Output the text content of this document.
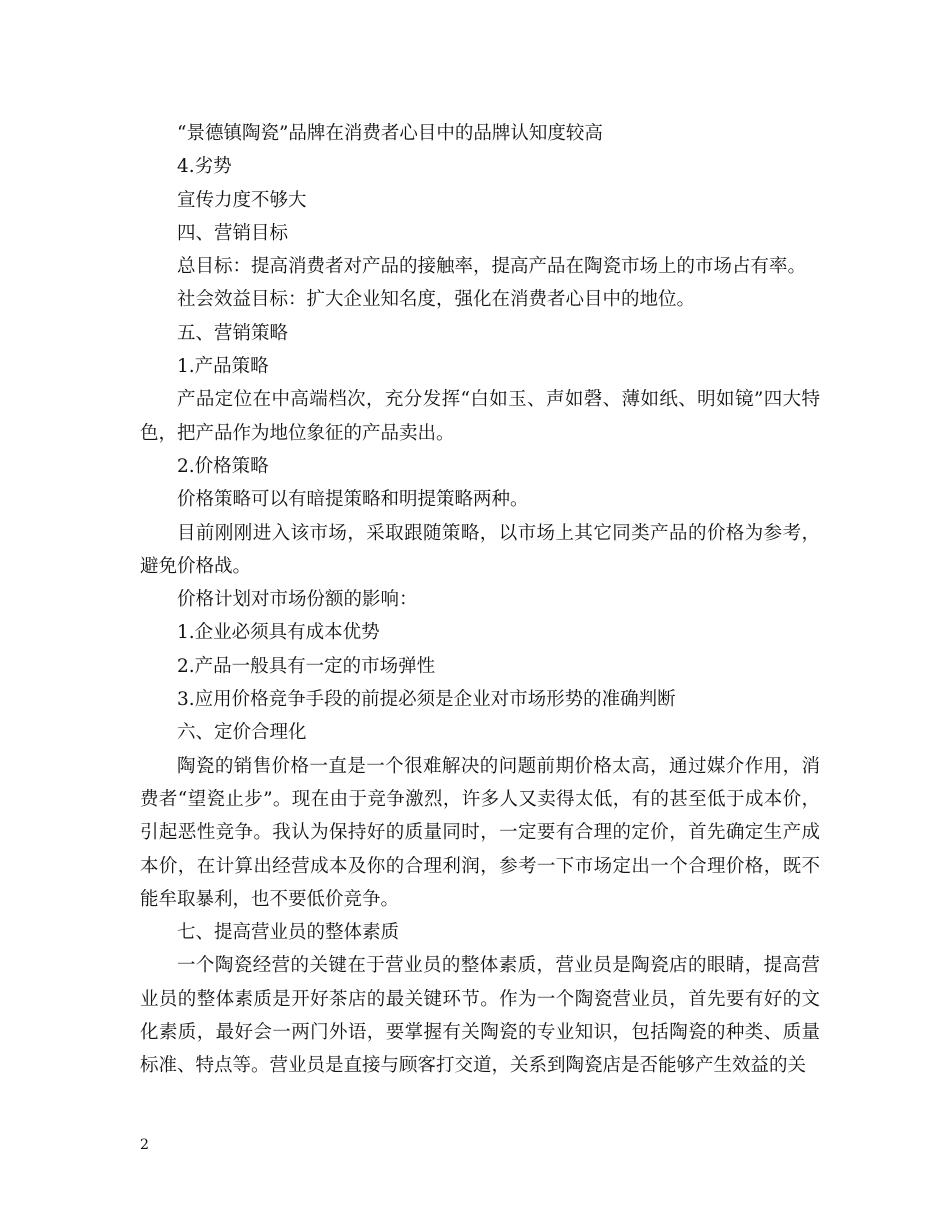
“景德镇陶瓷”品牌在消费者心目中的品牌认知度较高

4.劣势

宣传力度不够大

四、营销目标

总目标：提高消费者对产品的接触率，提高产品在陶瓷市场上的市场占有率。

社会效益目标：扩大企业知名度，强化在消费者心目中的地位。

五、营销策略

1.产品策略

产品定位在中高端档次，充分发挥“白如玉、声如磬、薄如纸、明如镜”四大特色，把产品作为地位象征的产品卖出。

2.价格策略

价格策略可以有暗提策略和明提策略两种。

目前刚刚进入该市场，采取跟随策略，以市场上其它同类产品的价格为参考，避免价格战。

价格计划对市场份额的影响：

1.企业必须具有成本优势

2.产品一般具有一定的市场弹性

3.应用价格竞争手段的前提必须是企业对市场形势的准确判断

六、定价合理化

陶瓷的销售价格一直是一个很难解决的问题前期价格太高，通过媒介作用，消费者“望瓷止步”。现在由于竞争激烈，许多人又卖得太低，有的甚至低于成本价，引起恶性竞争。我认为保持好的质量同时，一定要有合理的定价，首先确定生产成本价，在计算出经营成本及你的合理利润，参考一下市场定出一个合理价格，既不能牟取暴利，也不要低价竞争。

七、提高营业员的整体素质

一个陶瓷经营的关键在于营业员的整体素质，营业员是陶瓷店的眼睛，提高营业员的整体素质是开好茶店的最关键环节。作为一个陶瓷营业员，首先要有好的文化素质，最好会一两门外语，要掌握有关陶瓷的专业知识，包括陶瓷的种类、质量标准、特点等。营业员是直接与顾客打交道，关系到陶瓷店是否能够产生效益的关

2
